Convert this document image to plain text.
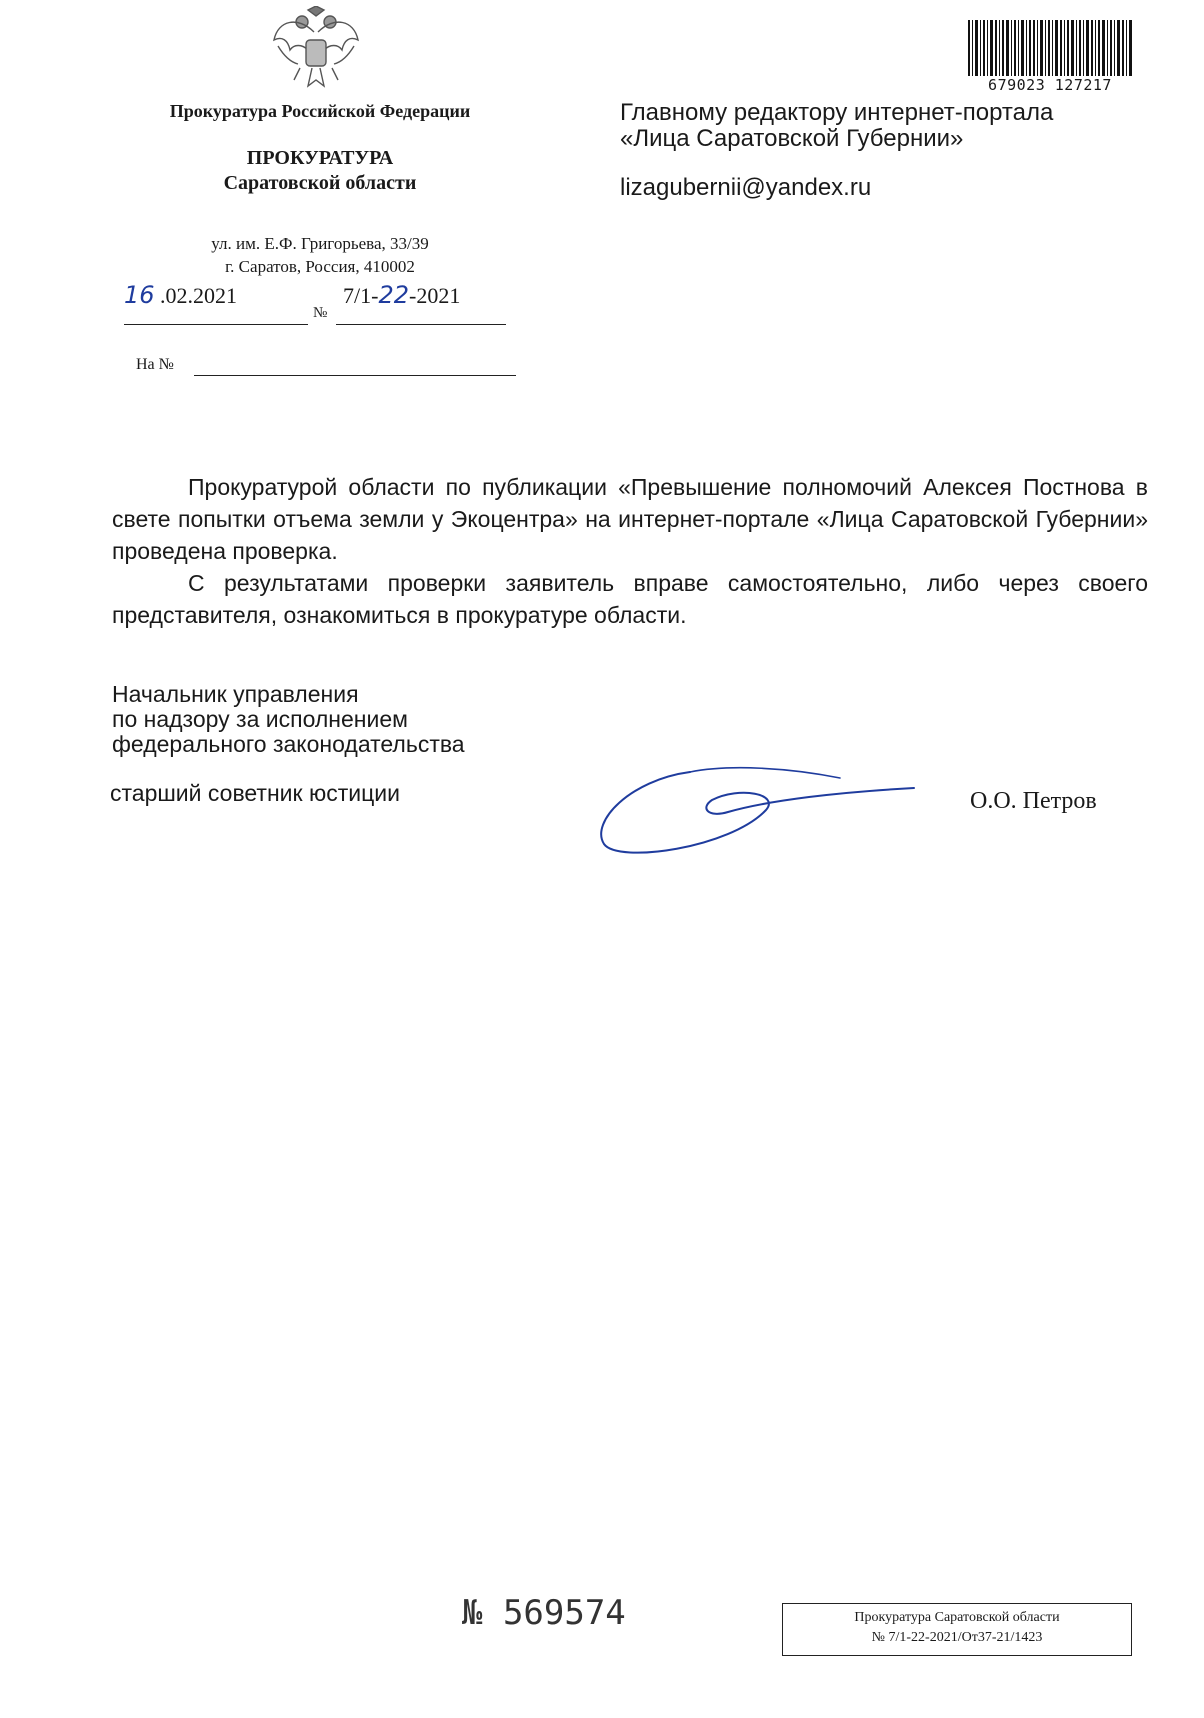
679023 127217
Прокуратура Российской Федерации
ПРОКУРАТУРА
Саратовской области
ул. им. Е.Ф. Григорьева, 33/39
г. Саратов, Россия, 410002
16 .02.2021
№
7/1-22-2021
На №
Главному редактору интернет-портала
«Лица Саратовской Губернии»
lizagubernii@yandex.ru

Прокуратурой области по публикации «Превышение полномочий Алексея Постнова в свете попытки отъема земли у Экоцентра» на интернет-портале «Лица Саратовской Губернии» проведена проверка.

С результатами проверки заявитель вправе самостоятельно, либо через своего представителя, ознакомиться в прокуратуре области.

Начальник управления
по надзору за исполнением
федерального законодательства
старший советник юстиции	О.О. Петров
№ 569574	Прокуратура Саратовской области
№ 7/1-22-2021/От37-21/1423
